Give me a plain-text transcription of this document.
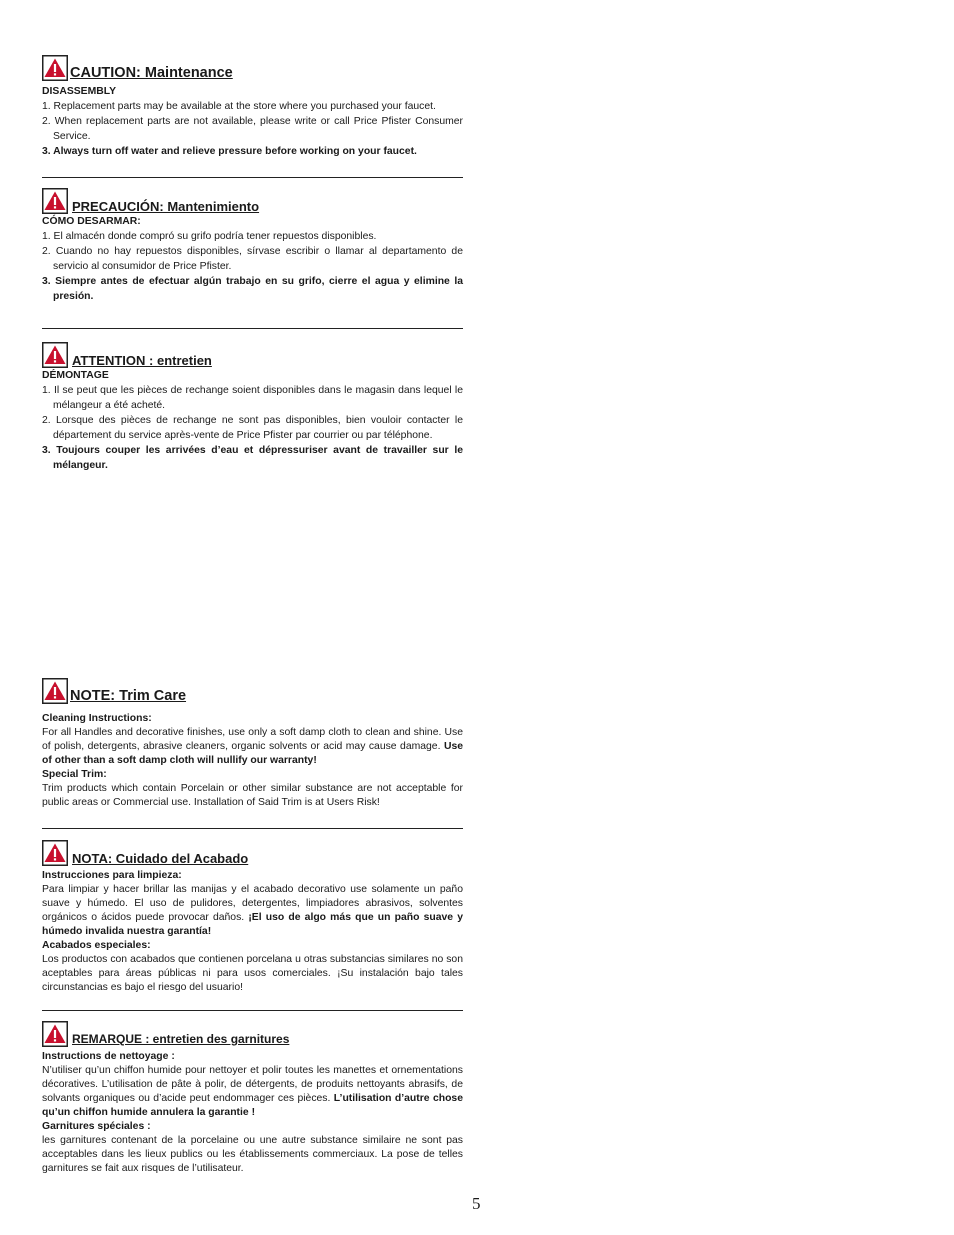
CAUTION: Maintenance
DISASSEMBLY
1. Replacement parts may be available at the store where you purchased your faucet.
2. When replacement parts are not available, please write or call Price Pfister Consumer Service.
3. Always turn off water and relieve pressure before working on your faucet.
PRECAUCIÓN: Mantenimiento
CÓMO DESARMAR:
1. El almacén donde compró su grifo podría tener repuestos disponibles.
2. Cuando no hay repuestos disponibles, sírvase escribir o llamar al departamento de servicio al consumidor de Price Pfister.
3. Siempre antes de efectuar algún trabajo en su grifo, cierre el agua y elimine la presión.
ATTENTION : entretien
DÉMONTAGE
1. Il se peut que les pièces de rechange soient disponibles dans le magasin dans lequel le mélangeur a été acheté.
2. Lorsque des pièces de rechange ne sont pas disponibles, bien vouloir contacter le département du service après-vente de Price Pfister par courrier ou par téléphone.
3. Toujours couper les arrivées d’eau et dépressuriser avant de travailler sur le mélangeur.
NOTE: Trim Care
Cleaning Instructions:

For all Handles and decorative finishes, use only a soft damp cloth to clean and shine. Use of polish, detergents, abrasive cleaners, organic solvents or acid may cause damage. Use of other than a soft damp cloth will nullify our warranty!

Special Trim:

Trim products which contain Porcelain or other similar substance are not acceptable for public areas or Commercial use. Installation of Said Trim is at Users Risk!

NOTA: Cuidado del Acabado
Instrucciones para limpieza:

Para limpiar y hacer brillar las manijas y el acabado decorativo use solamente un paño suave y húmedo. El uso de pulidores, detergentes, limpiadores abrasivos, solventes orgánicos o ácidos puede provocar daños. ¡El uso de algo más que un paño suave y húmedo invalida nuestra garantía!

Acabados especiales:

Los productos con acabados que contienen porcelana u otras substancias similares no son aceptables para áreas públicas ni para usos comerciales. ¡Su instalación bajo tales circunstancias es bajo el riesgo del usuario!

REMARQUE : entretien des garnitures
Instructions de nettoyage :

N’utiliser qu’un chiffon humide pour nettoyer et polir toutes les manettes et ornementations décoratives. L’utilisation de pâte à polir, de détergents, de produits nettoyants abrasifs, de solvants organiques ou d’acide peut endommager ces pièces. L’utilisation d’autre chose qu’un chiffon humide annulera la garantie !

Garnitures spéciales :

les garnitures contenant de la porcelaine ou une autre substance similaire ne sont pas acceptables dans les lieux publics ou les établissements commerciaux. La pose de telles garnitures se fait aux risques de l’utilisateur.

5
